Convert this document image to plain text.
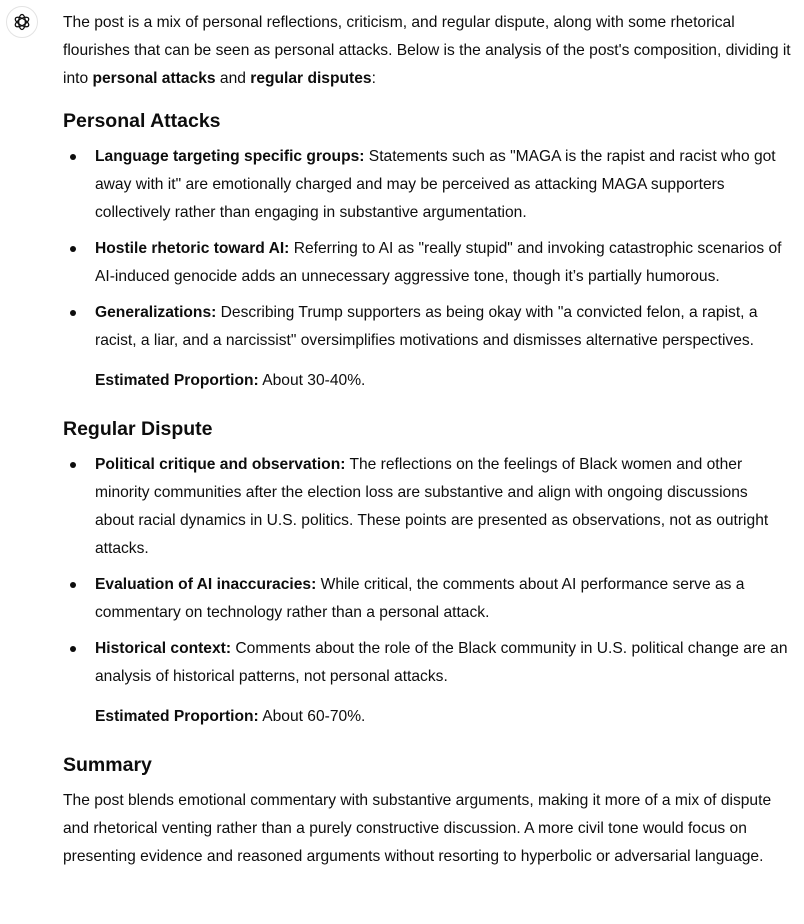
The post is a mix of personal reflections, criticism, and regular dispute, along with some rhetorical flourishes that can be seen as personal attacks. Below is the analysis of the post's composition, dividing it into personal attacks and regular disputes:

Personal Attacks
Language targeting specific groups: Statements such as "MAGA is the rapist and racist who got away with it" are emotionally charged and may be perceived as attacking MAGA supporters collectively rather than engaging in substantive argumentation.
Hostile rhetoric toward AI: Referring to AI as "really stupid" and invoking catastrophic scenarios of AI-induced genocide adds an unnecessary aggressive tone, though it’s partially humorous.
Generalizations: Describing Trump supporters as being okay with "a convicted felon, a rapist, a racist, a liar, and a narcissist" oversimplifies motivations and dismisses alternative perspectives.

Estimated Proportion: About 30-40%.

Regular Dispute
Political critique and observation: The reflections on the feelings of Black women and other minority communities after the election loss are substantive and align with ongoing discussions about racial dynamics in U.S. politics. These points are presented as observations, not as outright attacks.
Evaluation of AI inaccuracies: While critical, the comments about AI performance serve as a commentary on technology rather than a personal attack.
Historical context: Comments about the role of the Black community in U.S. political change are an analysis of historical patterns, not personal attacks.

Estimated Proportion: About 60-70%.

Summary

The post blends emotional commentary with substantive arguments, making it more of a mix of dispute and rhetorical venting rather than a purely constructive discussion. A more civil tone would focus on presenting evidence and reasoned arguments without resorting to hyperbolic or adversarial language.
